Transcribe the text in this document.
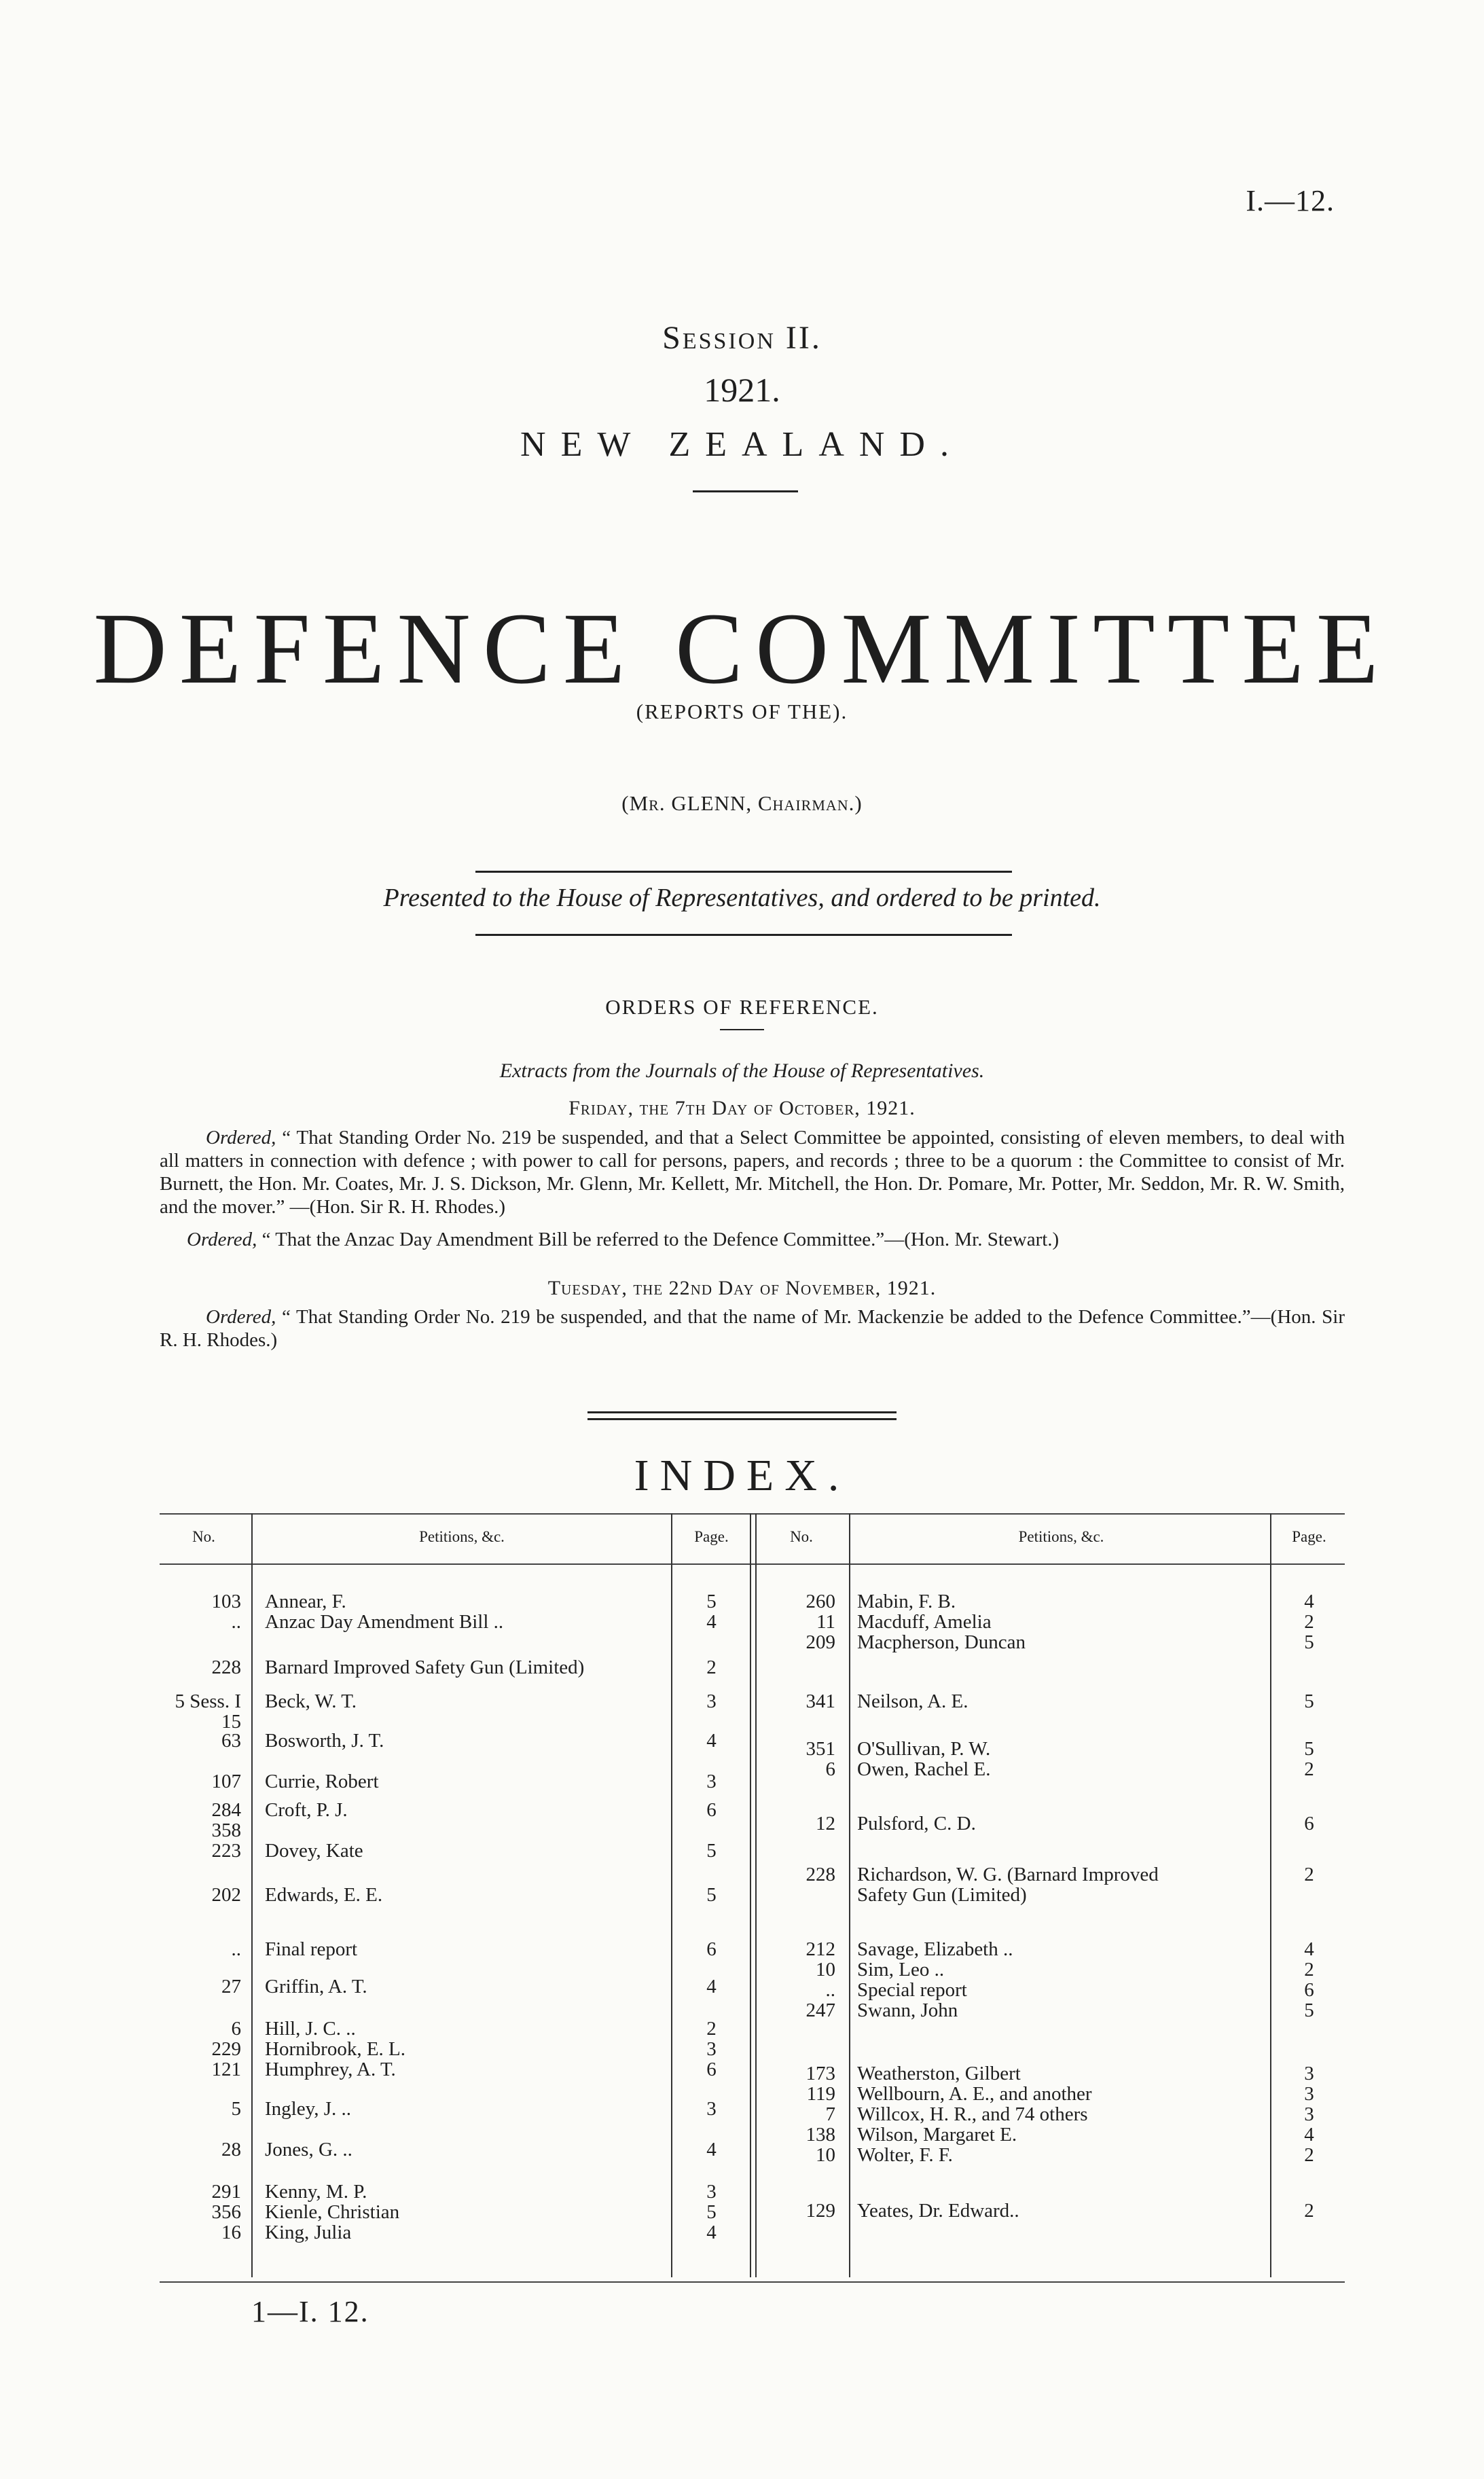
I.—12.
Session II.
1921.
NEW ZEALAND.
DEFENCE COMMITTEE
(REPORTS OF THE).
(Mr. GLENN, Chairman.)
Presented to the House of Representatives, and ordered to be printed.
ORDERS OF REFERENCE.
Extracts from the Journals of the House of Representatives.
Friday, the 7th Day of October, 1921.
Ordered, “ That Standing Order No. 219 be suspended, and that a Select Committee be appointed, consisting of eleven members, to deal with all matters in connection with defence ; with power to call for persons, papers, and records ; three to be a quorum : the Committee to consist of Mr. Burnett, the Hon. Mr. Coates, Mr. J. S. Dickson, Mr. Glenn, Mr. Kellett, Mr. Mitchell, the Hon. Dr. Pomare, Mr. Potter, Mr. Seddon, Mr. R. W. Smith, and the mover.” —(Hon. Sir R. H. Rhodes.)
Ordered, “ That the Anzac Day Amendment Bill be referred to the Defence Committee.”—(Hon. Mr. Stewart.)
Tuesday, the 22nd Day of November, 1921.
Ordered, “ That Standing Order No. 219 be suspended, and that the name of Mr. Mackenzie be added to the Defence Committee.”—(Hon. Sir R. H. Rhodes.)
INDEX.
No.	Petitions, &c.	Page.	No.	Petitions, &c.	Page.
103 Annear, F.	5
.. Anzac Day Amendment Bill ..	4
228 Barnard Improved Safety Gun (Limited)	2
5 Sess. I Beck, W. T.	3
15
63 Bosworth, J. T.	4
107 Currie, Robert	3
284 Croft, P. J.	6
358
223 Dovey, Kate	5
202 Edwards, E. E.	5
.. Final report	6
27 Griffin, A. T.	4
6 Hill, J. C. ..	2
229 Hornibrook, E. L.	3
121 Humphrey, A. T.	6
5 Ingley, J. ..	3
28 Jones, G. ..	4
291 Kenny, M. P.	3
356 Kienle, Christian	5
16 King, Julia	4
260 Mabin, F. B.	4
11 Macduff, Amelia	2
209 Macpherson, Duncan	5
341 Neilson, A. E.	5
351 O'Sullivan, P. W.	5
6 Owen, Rachel E.	2
12 Pulsford, C. D.	6
228 Richardson, W. G. (Barnard Improved	2
Safety Gun (Limited)
212 Savage, Elizabeth ..	4
10 Sim, Leo ..	2
.. Special report	6
247 Swann, John	5
173 Weatherston, Gilbert	3
119 Wellbourn, A. E., and another	3
7 Willcox, H. R., and 74 others	3
138 Wilson, Margaret E.	4
10 Wolter, F. F.	2
129 Yeates, Dr. Edward..	2
1—I. 12.
